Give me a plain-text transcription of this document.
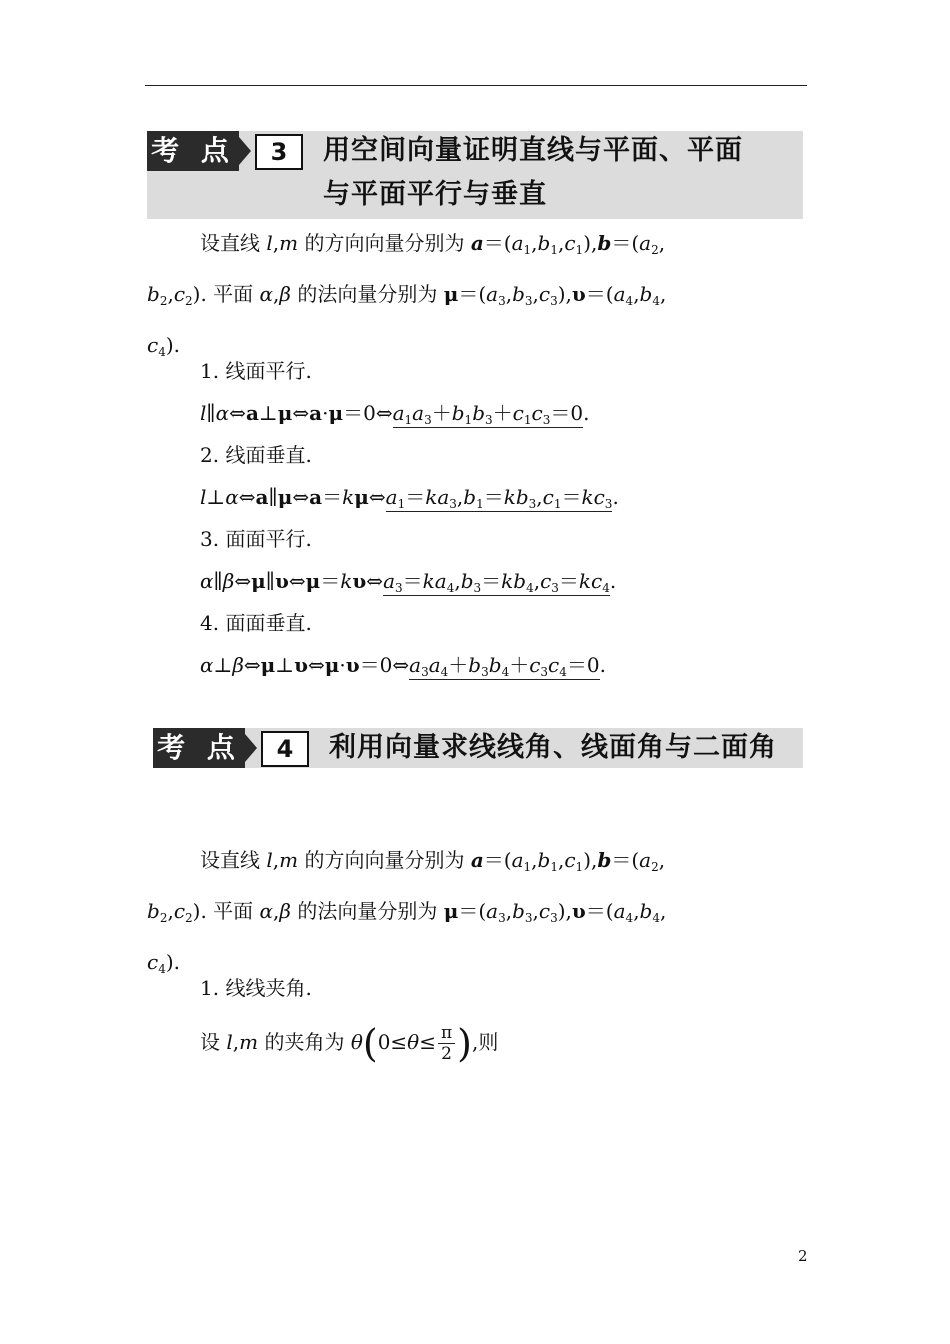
考 点	3	用空间向量证明直线与平面、平面
与平面平行与垂直
设直线 l,m 的方向向量分别为 $a=(a_1,b_1,c_1),b=(a_2$,
$b_2,c_2$). 平面 α,β 的法向量分别为 $\mu=(a_3,b_3,c_3),\upsilon=(a_4,b_4$,
$c_4$).
1. 线面平行.
$l\parallel\alpha\Leftrightarrow a\perp\mu\Leftrightarrow a\cdot\mu=0\Leftrightarrow a_1a_3+b_1b_3+c_1c_3=0$.
2. 线面垂直.
$l\perp\alpha\Leftrightarrow a\parallel\mu\Leftrightarrow a=k\mu\Leftrightarrow a_1=ka_3,b_1=kb_3,c_1=kc_3$.
3. 面面平行.
$\alpha\parallel\beta\Leftrightarrow\mu\parallel\upsilon\Leftrightarrow\mu=k\upsilon\Leftrightarrow a_3=ka_4,b_3=kb_4,c_3=kc_4$.
4. 面面垂直.
$\alpha\perp\beta\Leftrightarrow\mu\perp\upsilon\Leftrightarrow\mu\cdot\upsilon=0\Leftrightarrow a_3a_4+b_3b_4+c_3c_4=0$.
考 点	4	利用向量求线线角、线面角与二面角
设直线 l,m 的方向向量分别为 $a=(a_1,b_1,c_1),b=(a_2$,
$b_2,c_2$). 平面 α,β 的法向量分别为 $\mu=(a_3,b_3,c_3),\upsilon=(a_4,b_4$,
$c_4$).
1. 线线夹角.
设 l,m 的夹角为 $\theta(0\le\theta\le \frac{\pi}{2}$ ),则
2
